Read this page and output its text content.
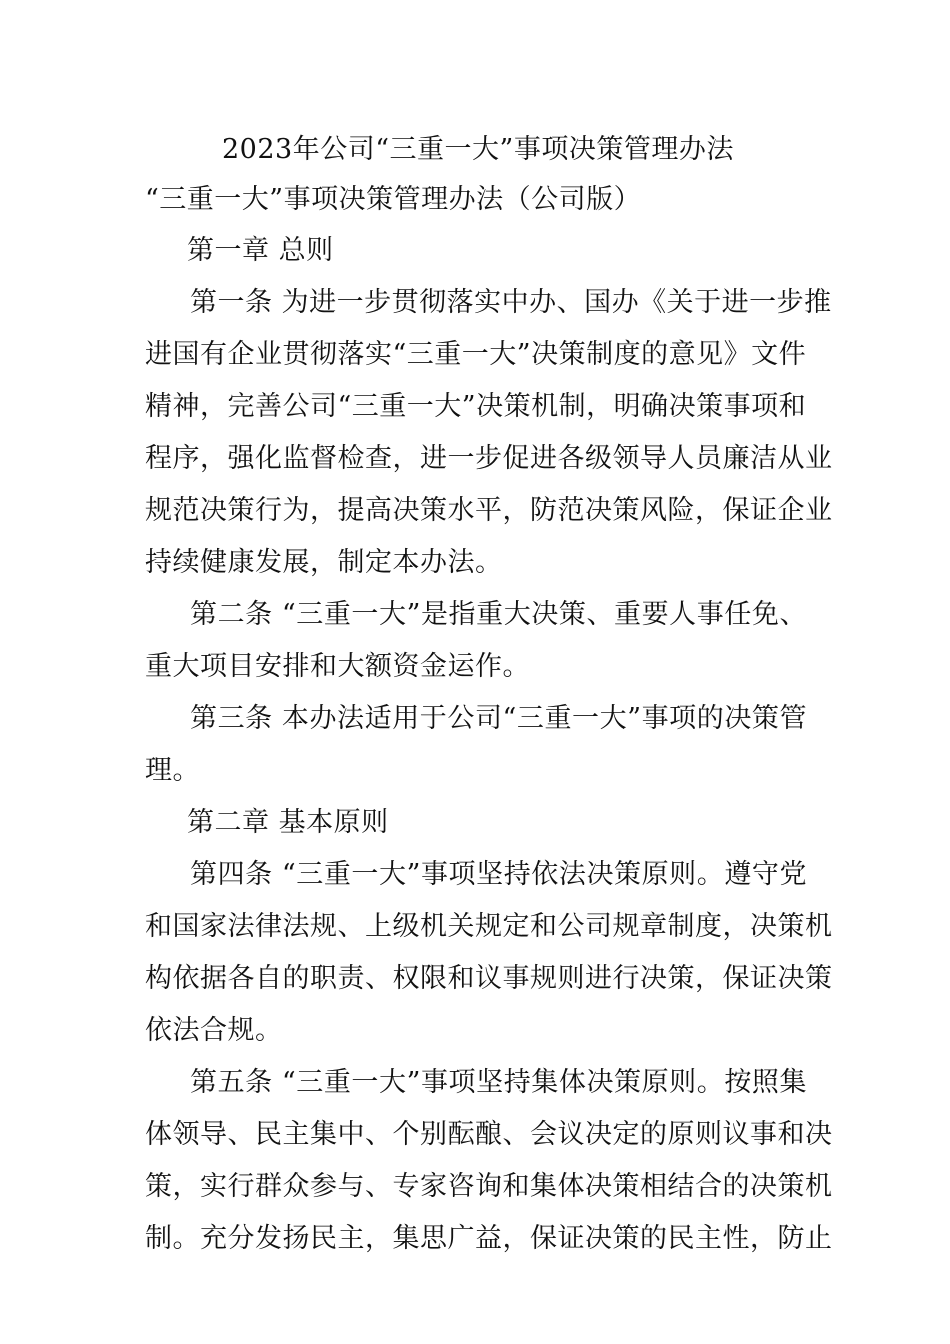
2023年公司“三重一大”事项决策管理办法
“三重一大”事项决策管理办法（公司版）
第一章 总则
第一条 为进一步贯彻落实中办、国办《关于进一步推
进国有企业贯彻落实“三重一大”决策制度的意见》文件
精神，完善公司“三重一大”决策机制，明确决策事项和
程序，强化监督检查，进一步促进各级领导人员廉洁从业
规范决策行为，提高决策水平，防范决策风险，保证企业
持续健康发展，制定本办法。
第二条 “三重一大”是指重大决策、重要人事任免、
重大项目安排和大额资金运作。
第三条 本办法适用于公司“三重一大”事项的决策管
理。
第二章 基本原则
第四条 “三重一大”事项坚持依法决策原则。遵守党
和国家法律法规、上级机关规定和公司规章制度，决策机
构依据各自的职责、权限和议事规则进行决策，保证决策
依法合规。
第五条 “三重一大”事项坚持集体决策原则。按照集
体领导、民主集中、个别酝酿、会议决定的原则议事和决
策，实行群众参与、专家咨询和集体决策相结合的决策机
制。充分发扬民主，集思广益，保证决策的民主性，防止
